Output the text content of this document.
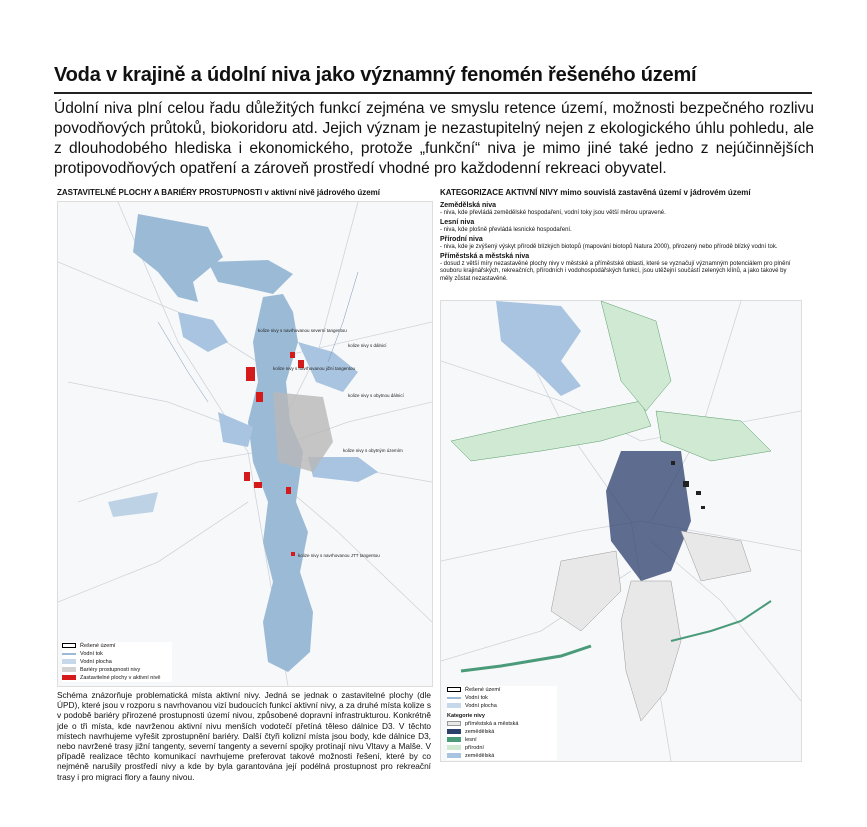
Voda v krajině a údolní niva jako významný fenomén řešeného území
Údolní niva plní celou řadu důležitých funkcí zejména ve smyslu retence území, možnosti bezpečného rozlivu povodňových průtoků, biokoridoru atd. Jejich význam je nezastupitelný nejen z ekologického úhlu pohledu, ale z dlouhodobého hlediska i ekonomického, protože „funkční“ niva je mimo jiné také jedno z nejúčinnějších protipovodňových opatření a zároveň prostředí vhodné pro každodenní rekreaci obyvatel.
ZASTAVITELNÉ PLOCHY A BARIÉRY PROSTUPNOSTI v aktivní nivě jádrového území
kolize nivy s navrhovanou severní tangentou
kolize nivy s dálnicí
kolize nivy s navrhovanou jižní tangentou
kolize nivy s obytnou dálnicí
kolize nivy s obytným územím
kolize nivy s navrhovanou JTT tangentou
Řešené území
Vodní tok
Vodní plocha
Bariéry prostupnosti nivy
Zastavitelné plochy v aktivní nivě
Schéma znázorňuje problematická místa aktivní nivy. Jedná se jednak o zastavitelné plochy (dle ÚPD), které jsou v rozporu s navrhovanou vizí budoucích funkcí aktivní nivy, a za druhé místa kolize s v podobě bariéry přirozené prostupnosti území nivou, způsobené dopravní infrastrukturou. Konkrétně jde o tři místa, kde navrženou aktivní nivu menších vodotečí přetíná těleso dálnice D3. V těchto místech navrhujeme vyřešit zprostupnění bariéry. Další čtyři kolizní místa jsou body, kde dálnice D3, nebo navržené trasy jižní tangenty, severní tangenty a severní spojky protínají nivu Vltavy a Malše. V případě realizace těchto komunikací navrhujeme preferovat takové možnosti řešení, které by co nejméně narušily prostředí nivy a kde by byla garantována její podélná prostupnost pro rekreační trasy i pro migraci flory a fauny nivou.
KATEGORIZACE AKTIVNÍ NIVY mimo souvislá zastavěná území v jádrovém území
Zemědělská niva
- niva, kde převládá zemědělské hospodaření, vodní toky jsou větší měrou upravené.
Lesní niva
- niva, kde plošně převládá lesnické hospodaření.
Přírodní niva
- niva, kde je zvýšený výskyt přírodě blízkých biotopů (mapování biotopů Natura 2000), přirozený nebo přírodě blízký vodní tok.
Příměstská a městská niva
- dosud z větší míry nezastavěné plochy nivy v městské a příměstské oblasti, které se vyznačují významným potenciálem pro plnění souboru krajinářských, rekreačních, přírodních i vodohospodářských funkcí, jsou utěžejní součástí zelených klínů, a jako takové by měly zůstat nezastavěné.
Řešené území
Vodní tok
Vodní plocha
Kategorie nivy
příměstská a městská
zemědělská
lesní
přírodní
zemědělská
